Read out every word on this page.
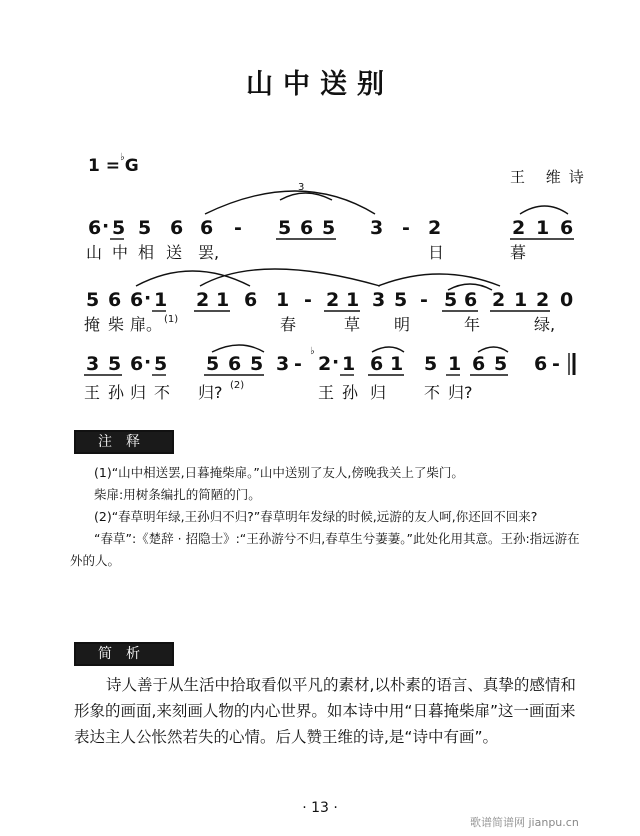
山中送别
1 =♭G
王 维诗
6 · 5 5 6 6 - 5 6 5 3 - 2	2 1 6
3
山 中 相 送 罢,	日	暮
5 6 6 · 1 2 1 6 1 - 2 1 3 5 - 5 6 2 1 2 0
掩 柴 扉。 (1)	春	草 明	年	绿,
3 5 6 · 5 5 6 5 3 -
♭
2 · 1 6 1 5 1 6 5 6 -
王 孙 归 不 归? (2)	王 孙 归 不 归?
注释

(1)“山中相送罢,日暮掩柴扉。”山中送别了友人,傍晚我关上了柴门。

柴扉:用树条编扎的简陋的门。

(2)“春草明年绿,王孙归不归?”春草明年发绿的时候,远游的友人呵,你还回不回来?

“春草”:《楚辞 · 招隐士》:“王孙游兮不归,春草生兮萋萋。”此处化用其意。王孙:指远游在外的人。

简析
诗人善于从生活中拾取看似平凡的素材,以朴素的语言、真挚的感情和形象的画面,来刻画人物的内心世界。如本诗中用“日暮掩柴扉”这一画面来表达主人公怅然若失的心情。后人赞王维的诗,是“诗中有画”。
· 13 ·
歌谱简谱网 jianpu.cn
